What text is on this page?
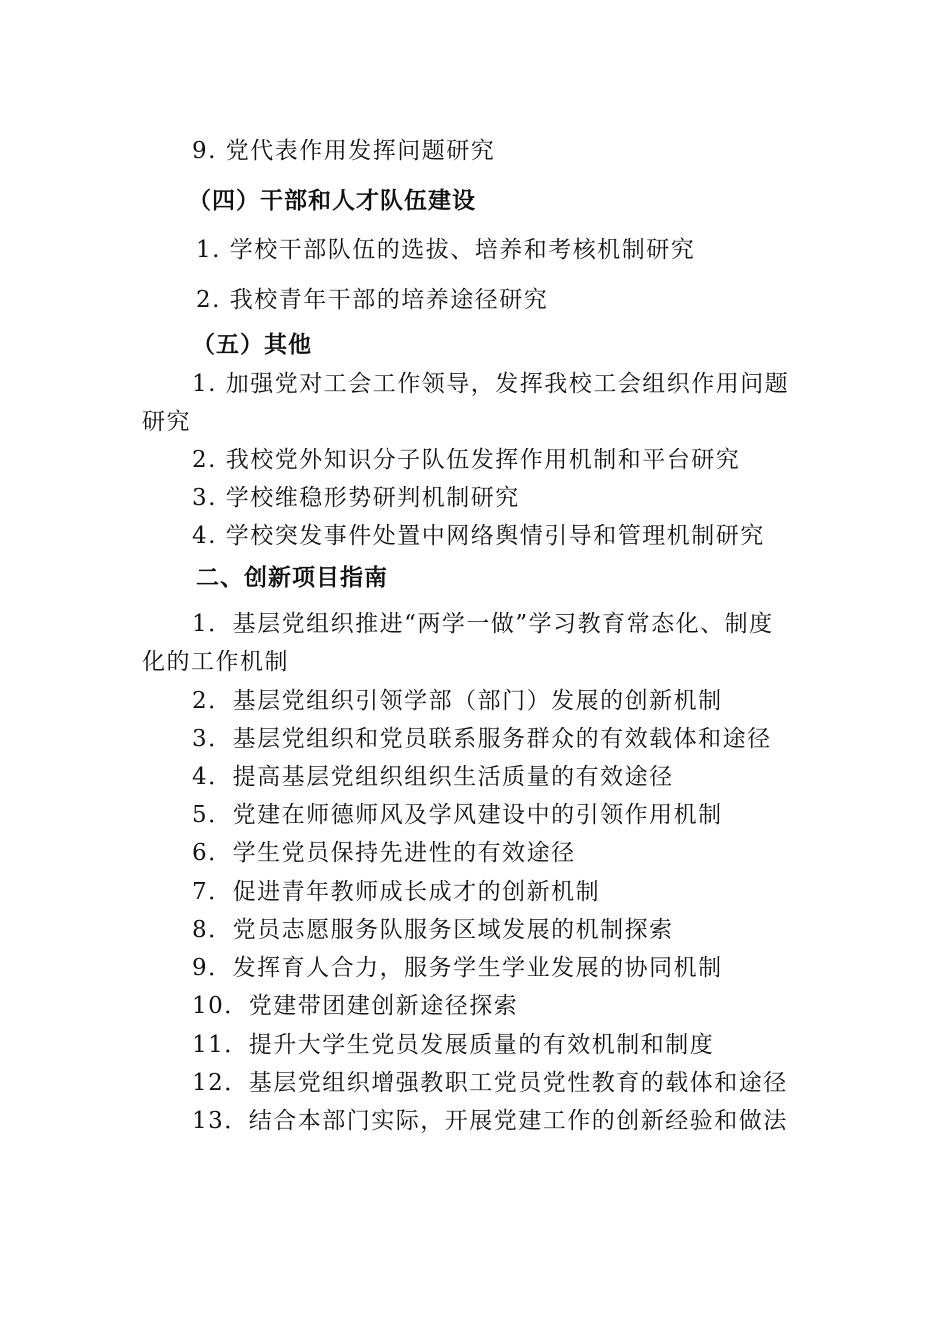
9. 党代表作用发挥问题研究
（四）干部和人才队伍建设
1. 学校干部队伍的选拔、培养和考核机制研究
2. 我校青年干部的培养途径研究
（五）其他
1. 加强党对工会工作领导，发挥我校工会组织作用问题
研究
2. 我校党外知识分子队伍发挥作用机制和平台研究
3. 学校维稳形势研判机制研究
4. 学校突发事件处置中网络舆情引导和管理机制研究
二、创新项目指南
1．基层党组织推进“两学一做”学习教育常态化、制度
化的工作机制
2．基层党组织引领学部（部门）发展的创新机制
3．基层党组织和党员联系服务群众的有效载体和途径
4．提高基层党组织组织生活质量的有效途径
5．党建在师德师风及学风建设中的引领作用机制
6．学生党员保持先进性的有效途径
7．促进青年教师成长成才的创新机制
8．党员志愿服务队服务区域发展的机制探索
9．发挥育人合力，服务学生学业发展的协同机制
10．党建带团建创新途径探索
11．提升大学生党员发展质量的有效机制和制度
12．基层党组织增强教职工党员党性教育的载体和途径
13．结合本部门实际，开展党建工作的创新经验和做法
